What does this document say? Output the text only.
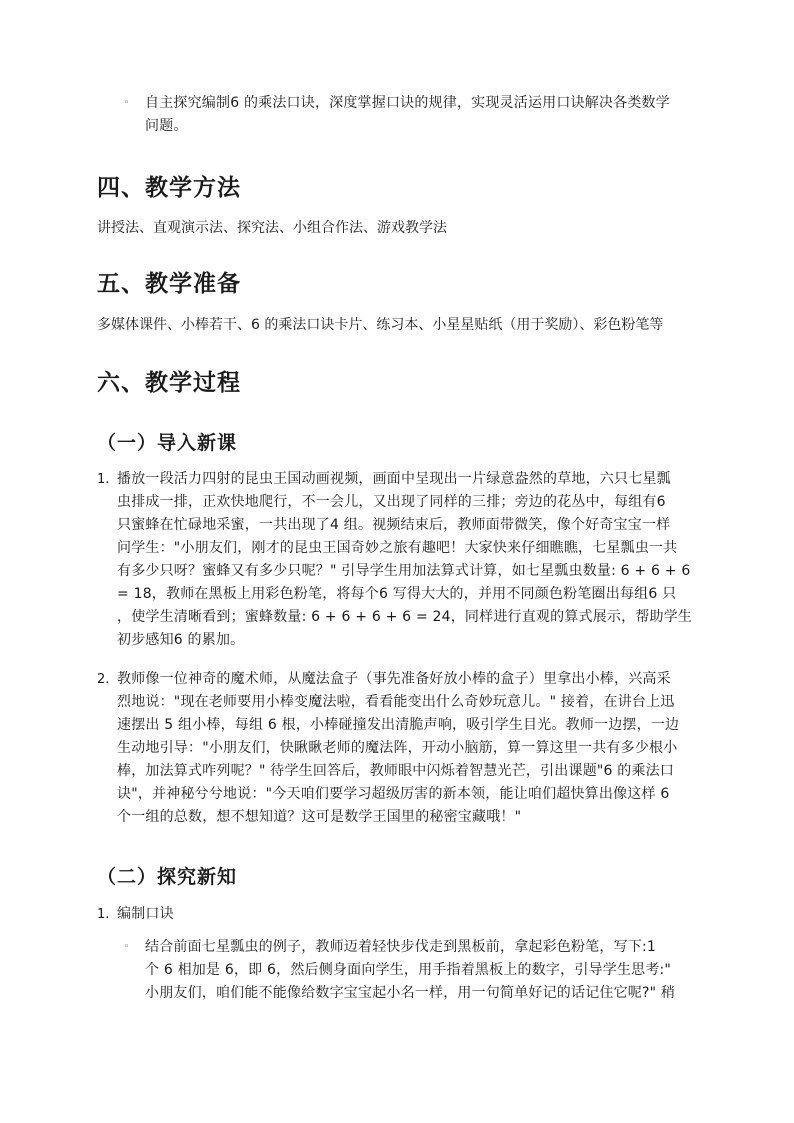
◦ 自主探究编制6 的乘法口诀，深度掌握口诀的规律，实现灵活运用口诀解决各类数学
问题。

四、教学方法

讲授法、直观演示法、探究法、小组合作法、游戏教学法

五、教学准备

多媒体课件、小棒若干、6 的乘法口诀卡片、练习本、小星星贴纸（用于奖励）、彩色粉笔等

六、教学过程
（一）导入新课
1. 播放一段活力四射的昆虫王国动画视频，画面中呈现出一片绿意盎然的草地，六只七星瓢
虫排成一排，正欢快地爬行，不一会儿，又出现了同样的三排；旁边的花丛中，每组有6
只蜜蜂在忙碌地采蜜，一共出现了4 组。视频结束后，教师面带微笑，像个好奇宝宝一样
问学生："小朋友们，刚才的昆虫王国奇妙之旅有趣吧！大家快来仔细瞧瞧，七星瓢虫一共
有多少只呀？蜜蜂又有多少只呢？" 引导学生用加法算式计算，如七星瓢虫数量: 6 + 6 + 6
= 18，教师在黑板上用彩色粉笔，将每个6 写得大大的，并用不同颜色粉笔圈出每组6 只
，使学生清晰看到；蜜蜂数量: 6 + 6 + 6 + 6 = 24，同样进行直观的算式展示，帮助学生
初步感知6 的累加。

2. 教师像一位神奇的魔术师，从魔法盒子（事先准备好放小棒的盒子）里拿出小棒，兴高采
烈地说："现在老师要用小棒变魔法啦，看看能变出什么奇妙玩意儿。" 接着，在讲台上迅
速摆出 5 组小棒，每组 6 根，小棒碰撞发出清脆声响，吸引学生目光。教师一边摆，一边
生动地引导："小朋友们，快瞅瞅老师的魔法阵，开动小脑筋，算一算这里一共有多少根小
棒，加法算式咋列呢？" 待学生回答后，教师眼中闪烁着智慧光芒，引出课题"6 的乘法口
诀"，并神秘兮兮地说："今天咱们要学习超级厉害的新本领，能让咱们超快算出像这样 6
个一组的总数，想不想知道？这可是数学王国里的秘密宝藏哦！"

（二）探究新知
1. 编制口诀

◦ 结合前面七星瓢虫的例子，教师迈着轻快步伐走到黑板前，拿起彩色粉笔，写下:1
个 6 相加是 6，即 6，然后侧身面向学生，用手指着黑板上的数字，引导学生思考:"
小朋友们，咱们能不能像给数字宝宝起小名一样，用一句简单好记的话记住它呢?" 稍
